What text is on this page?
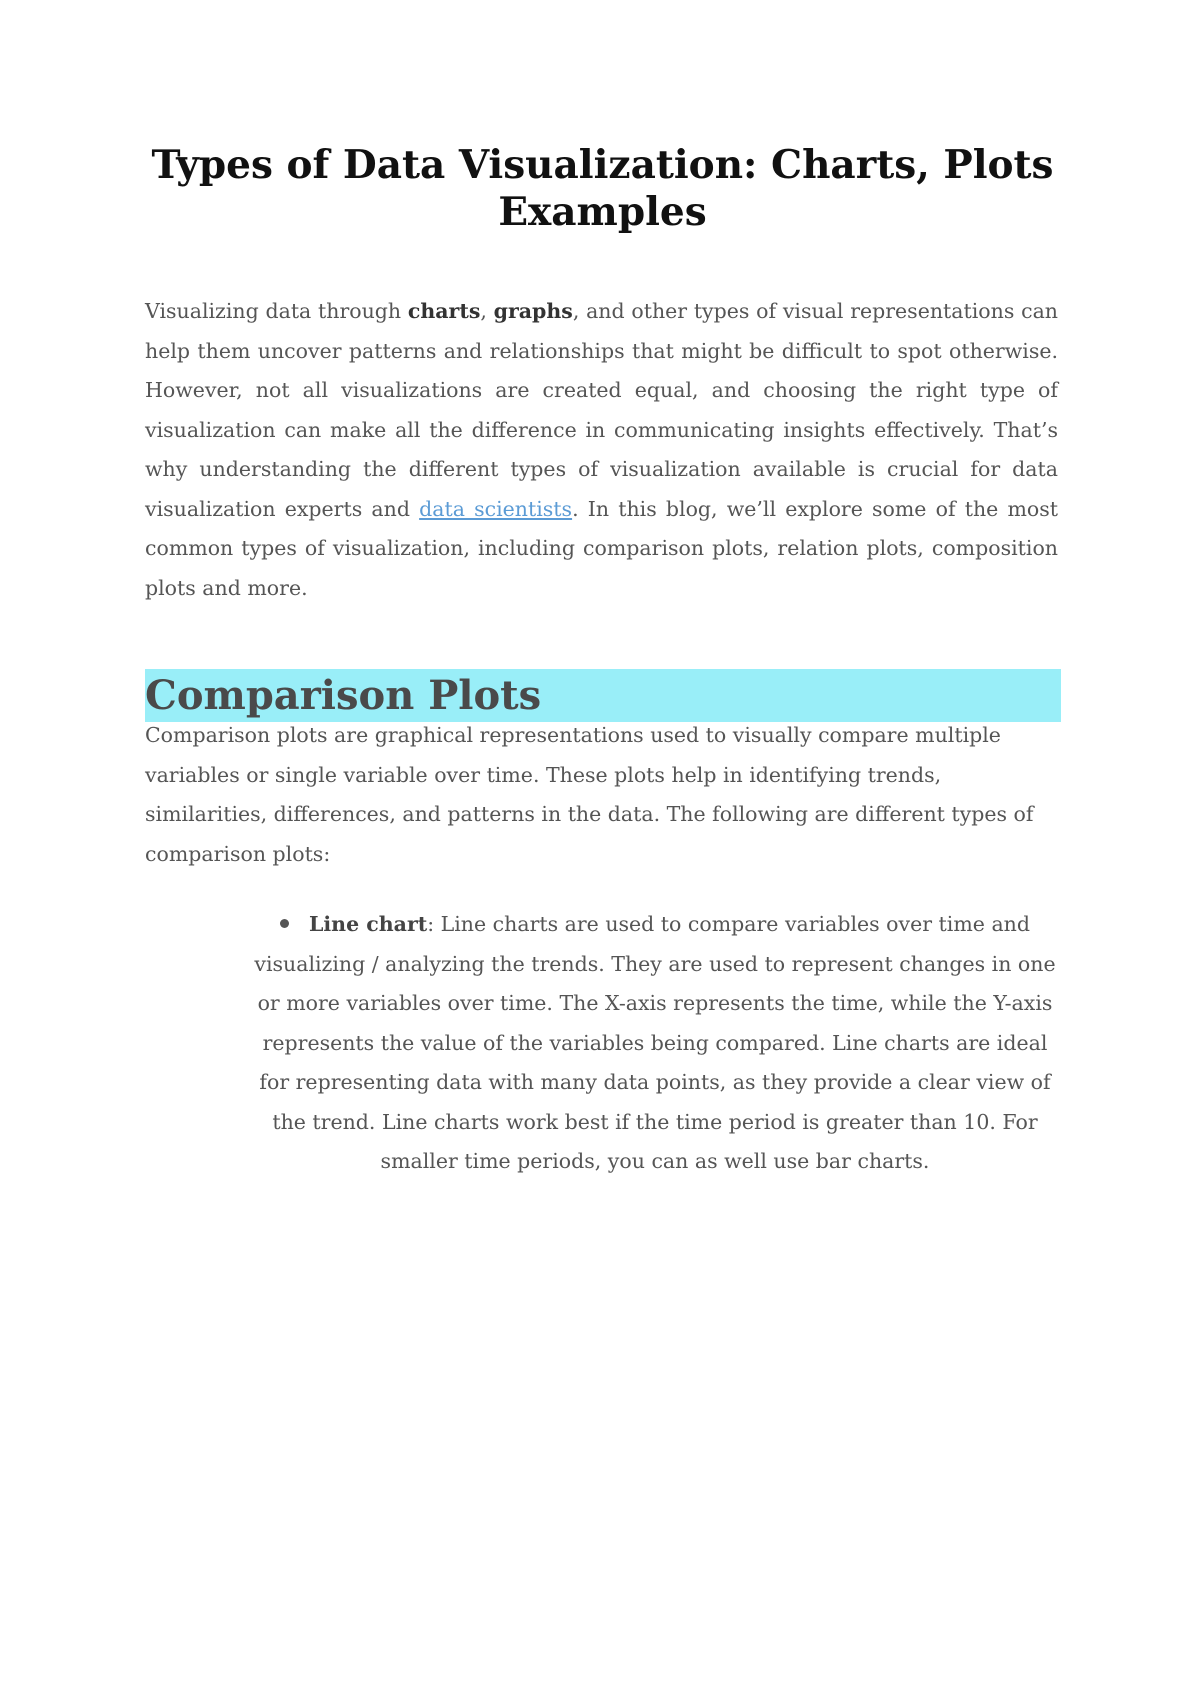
Types of Data Visualization: Charts, Plots Examples

Visualizing data through charts, graphs, and other types of visual representations can help them uncover patterns and relationships that might be difficult to spot otherwise. However, not all visualizations are created equal, and choosing the right type of visualization can make all the difference in communicating insights effectively. That’s why understanding the different types of visualization available is crucial for data visualization experts and data scientists. In this blog, we’ll explore some of the most common types of visualization, including comparison plots, relation plots, composition plots and more.

Comparison Plots

Comparison plots are graphical representations used to visually compare multiple variables or single variable over time. These plots help in identifying trends, similarities, differences, and patterns in the data. The following are different types of comparison plots:

Line chart: Line charts are used to compare variables over time and visualizing / analyzing the trends. They are used to represent changes in one or more variables over time. The X-axis represents the time, while the Y-axis represents the value of the variables being compared. Line charts are ideal for representing data with many data points, as they provide a clear view of the trend. Line charts work best if the time period is greater than 10. For smaller time periods, you can as well use bar charts.
